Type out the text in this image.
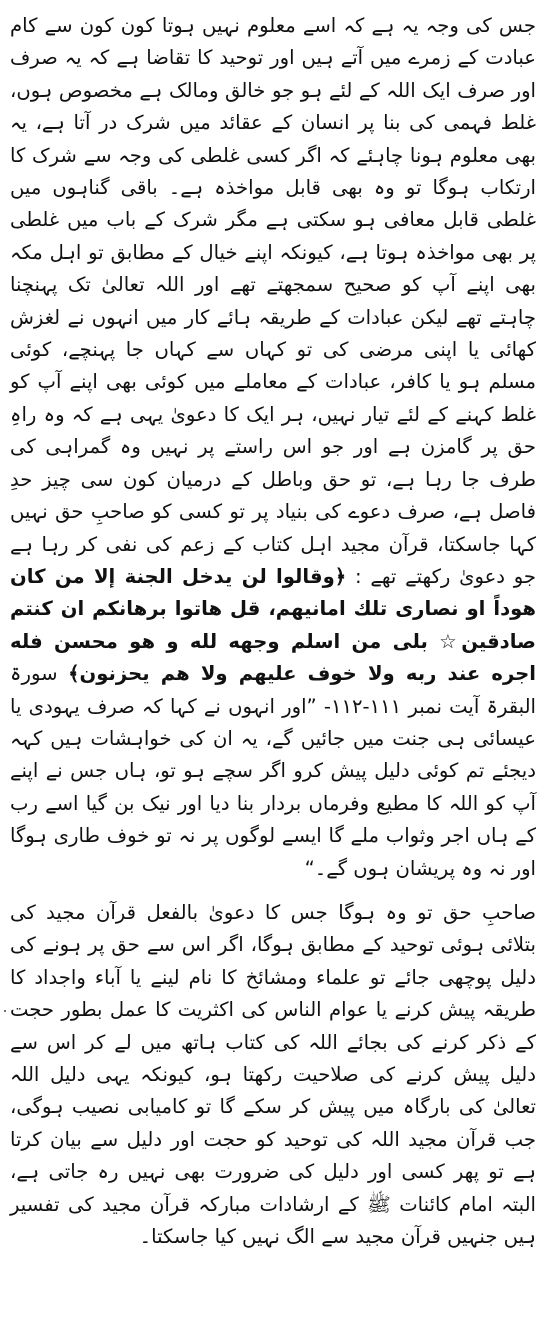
جس کی وجہ یہ ہے کہ اسے معلوم نہیں ہوتا کون کون سے کام عبادت کے زمرے میں آتے ہیں اور توحید کا تقاضا ہے کہ یہ صرف اور صرف ایک اللہ کے لئے ہو جو خالق ومالک ہے مخصوص ہوں، غلط فہمی کی بنا پر انسان کے عقائد میں شرک در آتا ہے، یہ بھی معلوم ہونا چاہئے کہ اگر کسی غلطی کی وجہ سے شرک کا ارتکاب ہوگا تو وہ بھی قابل مواخذہ ہے۔ باقی گناہوں میں غلطی قابل معافی ہو سکتی ہے مگر شرک کے باب میں غلطی پر بھی مواخذہ ہوتا ہے، کیونکہ اپنے خیال کے مطابق تو اہل مکہ بھی اپنے آپ کو صحیح سمجھتے تھے اور اللہ تعالیٰ تک پہنچنا چاہتے تھے لیکن عبادات کے طریقہ ہائے کار میں انہوں نے لغزش کھائی یا اپنی مرضی کی تو کہاں سے کہاں جا پہنچے، کوئی مسلم ہو یا کافر، عبادات کے معاملے میں کوئی بھی اپنے آپ کو غلط کہنے کے لئے تیار نہیں، ہر ایک کا دعویٰ یہی ہے کہ وہ راہِ حق پر گامزن ہے اور جو اس راستے پر نہیں وہ گمراہی کی طرف جا رہا ہے، تو حق وباطل کے درمیان کون سی چیز حدِ فاصل ہے، صرف دعوے کی بنیاد پر تو کسی کو صاحبِ حق نہیں کہا جاسکتا، قرآن مجید اہل کتاب کے زعم کی نفی کر رہا ہے جو دعویٰ رکھتے تھے : ﴿وقالوا لن يدخل الجنة إلا من كان هوداً او نصارى تلك امانيهم، قل هاتوا برهانكم ان كنتم صادقين☆ بلى من اسلم وجهه لله و هو محسن فله اجره عند ربه ولا خوف عليهم ولا هم يحزنون﴾ سورۃ البقرۃ آیت نمبر ۱۱۱-۱۱۲- ”اور انہوں نے کہا کہ صرف یہودی یا عیسائی ہی جنت میں جائیں گے، یہ ان کی خواہشات ہیں کہہ دیجئے تم کوئی دلیل پیش کرو اگر سچے ہو تو، ہاں جس نے اپنے آپ کو اللہ کا مطیع وفرماں بردار بنا دیا اور نیک بن گیا اسے رب کے ہاں اجر وثواب ملے گا ایسے لوگوں پر نہ تو خوف طاری ہوگا اور نہ وہ پریشان ہوں گے۔“

صاحبِ حق تو وہ ہوگا جس کا دعویٰ بالفعل قرآن مجید کی بتلائی ہوئی توحید کے مطابق ہوگا، اگر اس سے حق پر ہونے کی دلیل پوچھی جائے تو علماء ومشائخ کا نام لینے یا آباء واجداد کا طریقہ پیش کرنے یا عوام الناس کی اکثریت کا عمل بطور حجت کے ذکر کرنے کی بجائے اللہ کی کتاب ہاتھ میں لے کر اس سے دلیل پیش کرنے کی صلاحیت رکھتا ہو، کیونکہ یہی دلیل اللہ تعالیٰ کی بارگاہ میں پیش کر سکے گا تو کامیابی نصیب ہوگی، جب قرآن مجید اللہ کی توحید کو حجت اور دلیل سے بیان کرتا ہے تو پھر کسی اور دلیل کی ضرورت بھی نہیں رہ جاتی ہے، البتہ امام کائنات ﷺ کے ارشادات مبارکہ قرآن مجید کی تفسیر ہیں جنہیں قرآن مجید سے الگ نہیں کیا جاسکتا۔
